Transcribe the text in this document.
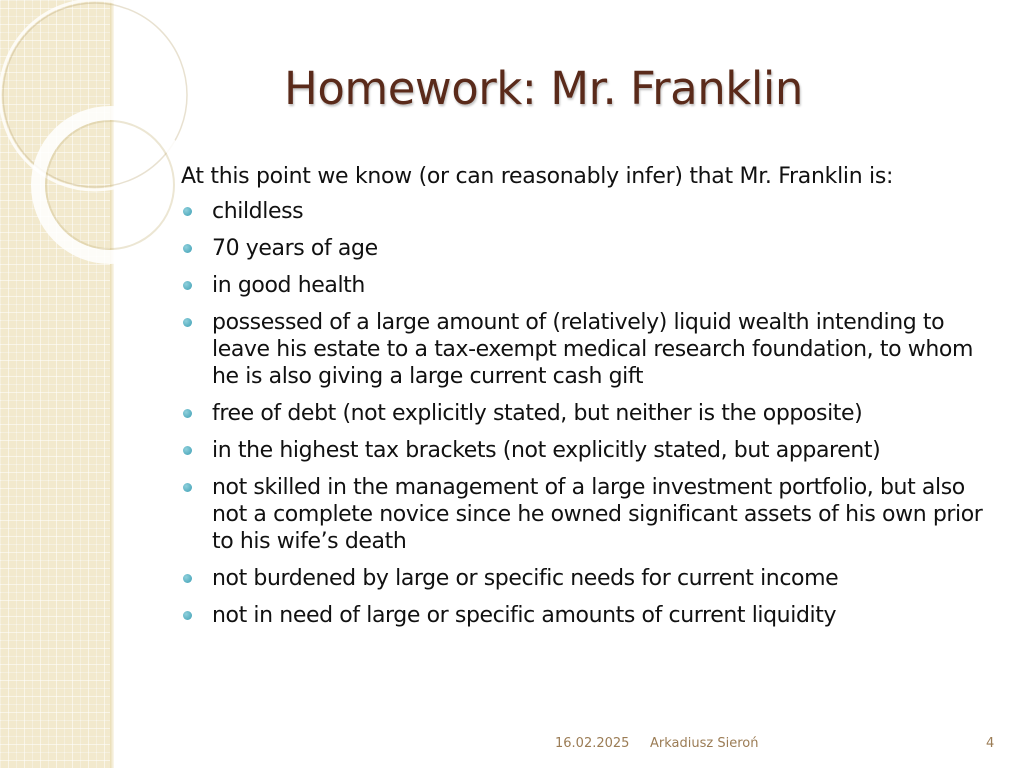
Homework: Mr. Franklin

At this point we know (or can reasonably infer) that Mr. Franklin is:

childless
70 years of age
in good health
possessed of a large amount of (relatively) liquid wealth intending to leave his estate to a tax-exempt medical research foundation, to whom he is also giving a large current cash gift
free of debt (not explicitly stated, but neither is the opposite)
in the highest tax brackets (not explicitly stated, but apparent)
not skilled in the management of a large investment portfolio, but also not a complete novice since he owned significant assets of his own prior to his wife’s death
not burdened by large or specific needs for current income
not in need of large or specific amounts of current liquidity
16.02.2025 Arkadiusz Sieroń	4
